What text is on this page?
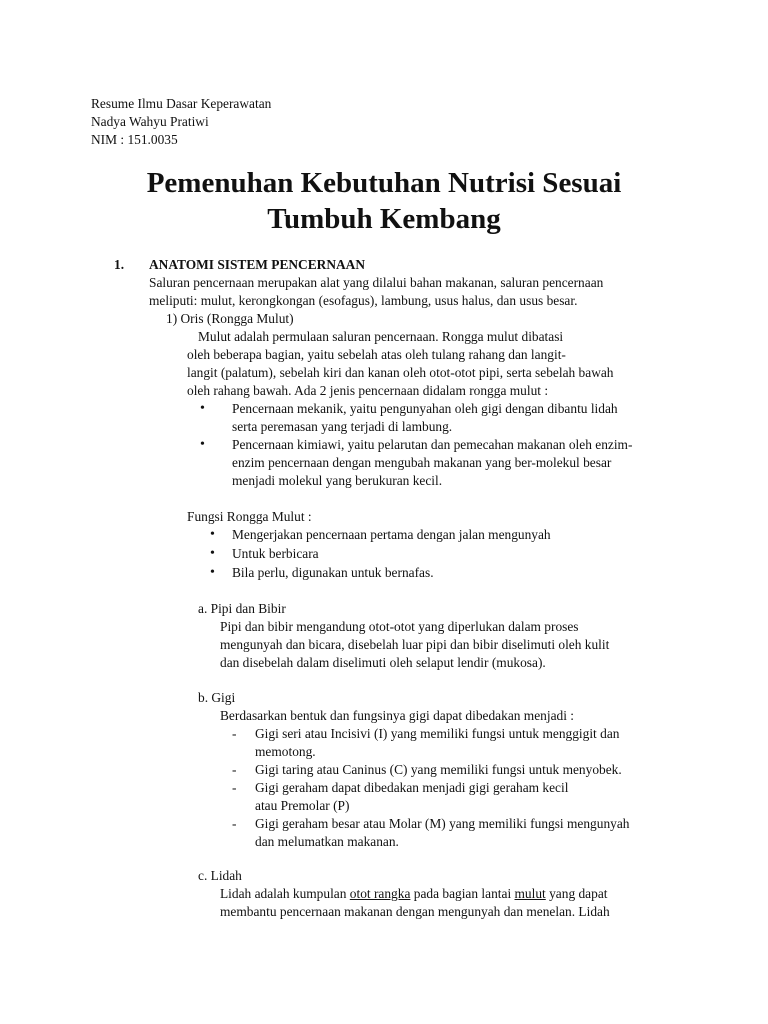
Resume Ilmu Dasar Keperawatan
Nadya Wahyu Pratiwi
NIM : 151.0035
Pemenuhan Kebutuhan Nutrisi Sesuai
Tumbuh Kembang
1. ANATOMI SISTEM PENCERNAAN
Saluran pencernaan merupakan alat yang dilalui bahan makanan, saluran pencernaan
meliputi: mulut, kerongkongan (esofagus), lambung, usus halus, dan usus besar.
1) Oris (Rongga Mulut)
Mulut adalah permulaan saluran pencernaan. Rongga mulut dibatasi
oleh beberapa bagian, yaitu sebelah atas oleh tulang rahang dan langit-
langit (palatum), sebelah kiri dan kanan oleh otot-otot pipi, serta sebelah bawah
oleh rahang bawah. Ada 2 jenis pencernaan didalam rongga mulut :
• Pencernaan mekanik, yaitu pengunyahan oleh gigi dengan dibantu lidah
serta peremasan yang terjadi di lambung.
• Pencernaan kimiawi, yaitu pelarutan dan pemecahan makanan oleh enzim-
enzim pencernaan dengan mengubah makanan yang ber-molekul besar
menjadi molekul yang berukuran kecil.
Fungsi Rongga Mulut :
• Mengerjakan pencernaan pertama dengan jalan mengunyah
• Untuk berbicara
• Bila perlu, digunakan untuk bernafas.
a. Pipi dan Bibir
Pipi dan bibir mengandung otot-otot yang diperlukan dalam proses
mengunyah dan bicara, disebelah luar pipi dan bibir diselimuti oleh kulit
dan disebelah dalam diselimuti oleh selaput lendir (mukosa).
b. Gigi
Berdasarkan bentuk dan fungsinya gigi dapat dibedakan menjadi :
- Gigi seri atau Incisivi (I) yang memiliki fungsi untuk menggigit dan
memotong.
- Gigi taring atau Caninus (C) yang memiliki fungsi untuk menyobek.
- Gigi geraham dapat dibedakan menjadi gigi geraham kecil
atau Premolar (P)
- Gigi geraham besar atau Molar (M) yang memiliki fungsi mengunyah
dan melumatkan makanan.
c. Lidah
Lidah adalah kumpulan otot rangka pada bagian lantai mulut yang dapat
membantu pencernaan makanan dengan mengunyah dan menelan. Lidah
